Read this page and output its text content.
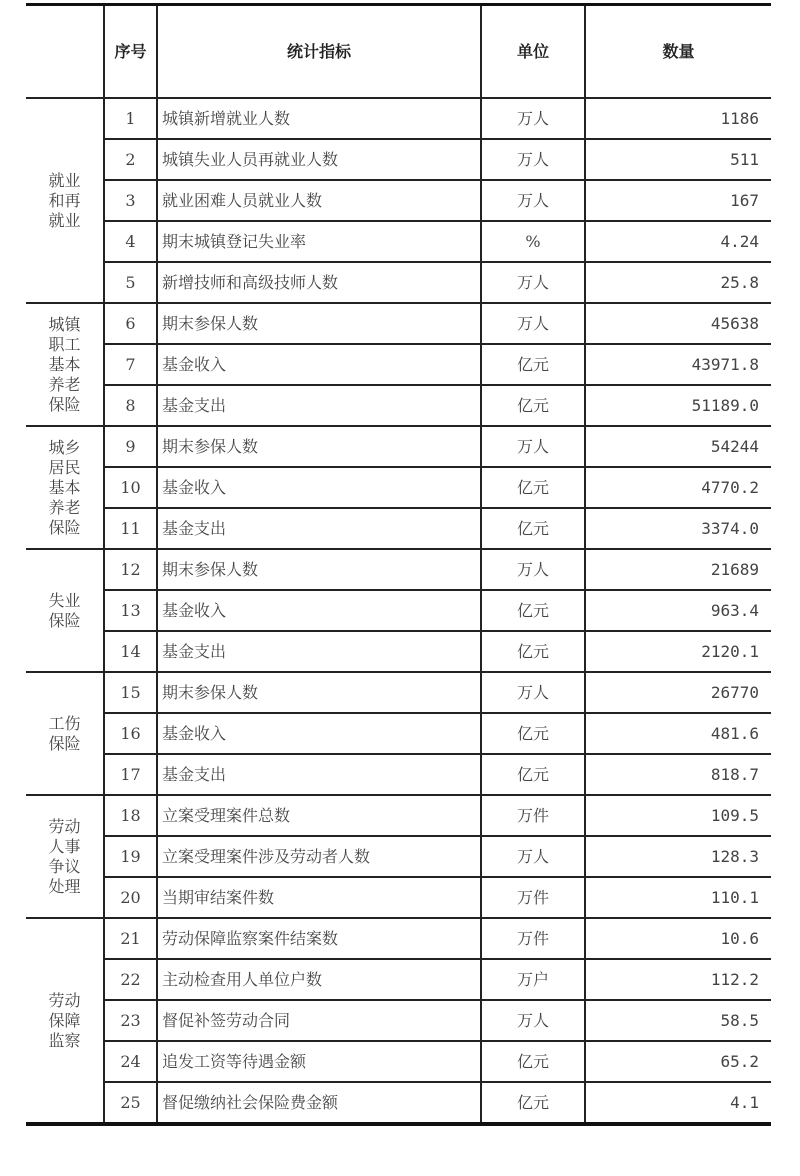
	序号	统计指标	单位	数量

就业和再就业	1	城镇新增就业人数	万人	1186
	2	城镇失业人员再就业人数	万人	511
	3	就业困难人员就业人数	万人	167
	4	期末城镇登记失业率	%	4.24
	5	新增技师和高级技师人数	万人	25.8

城镇职工基本养老保险	6	期末参保人数	万人	45638
	7	基金收入	亿元	43971.8
	8	基金支出	亿元	51189.0

城乡居民基本养老保险	9	期末参保人数	万人	54244
	10	基金收入	亿元	4770.2
	11	基金支出	亿元	3374.0

失业保险	12	期末参保人数	万人	21689
	13	基金收入	亿元	963.4
	14	基金支出	亿元	2120.1

工伤保险	15	期末参保人数	万人	26770
	16	基金收入	亿元	481.6
	17	基金支出	亿元	818.7

劳动人事争议处理	18	立案受理案件总数	万件	109.5
	19	立案受理案件涉及劳动者人数	万人	128.3
	20	当期审结案件数	万件	110.1

劳动保障监察	21	劳动保障监察案件结案数	万件	10.6
	22	主动检查用人单位户数	万户	112.2
	23	督促补签劳动合同	万人	58.5
	24	追发工资等待遇金额	亿元	65.2
	25	督促缴纳社会保险费金额	亿元	4.1
